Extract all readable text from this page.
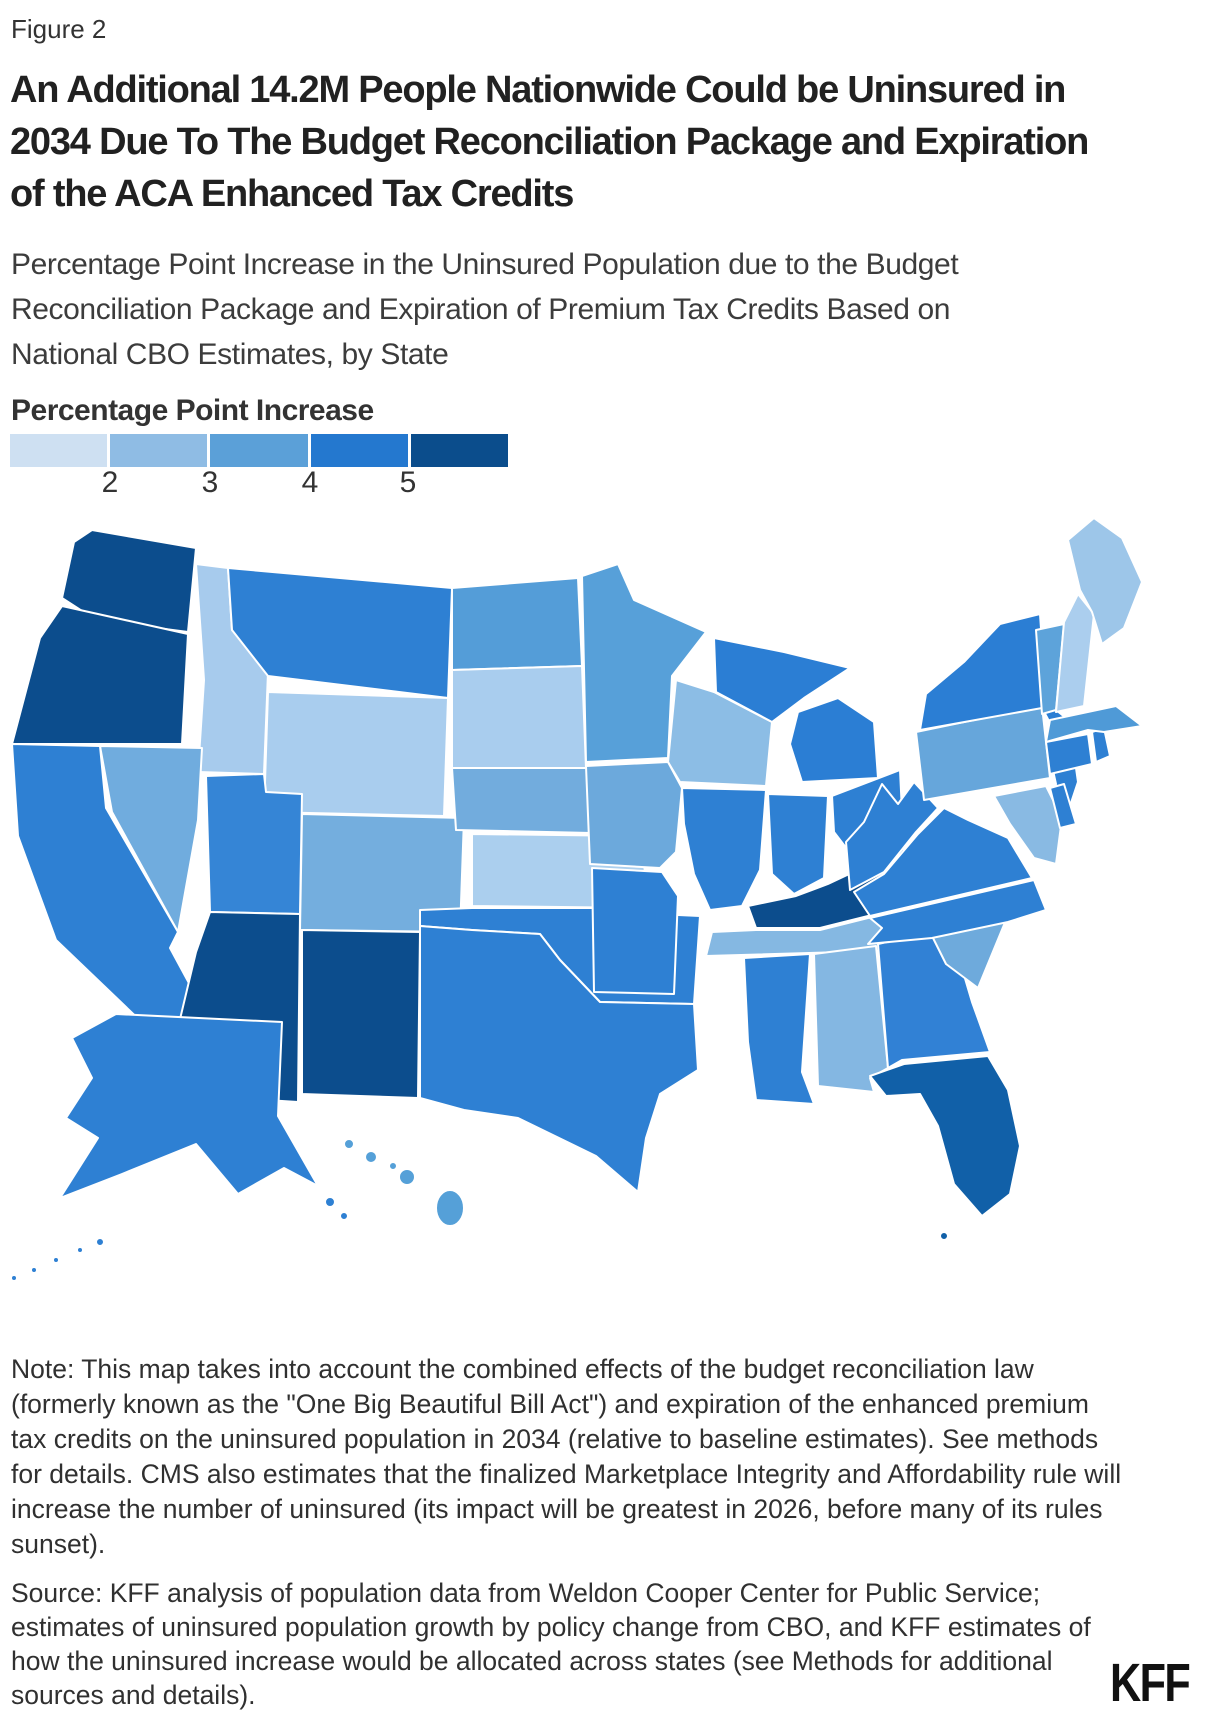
Figure 2
An Additional 14.2M People Nationwide Could be Uninsured in 2034 Due To The Budget Reconciliation Package and Expiration of the ACA Enhanced Tax Credits
Percentage Point Increase in the Uninsured Population due to the Budget Reconciliation Package and Expiration of Premium Tax Credits Based on National CBO Estimates, by State
Percentage Point Increase
2	3	4	5
Note: This map takes into account the combined effects of the budget reconciliation law (formerly known as the "One Big Beautiful Bill Act") and expiration of the enhanced premium tax credits on the uninsured population in 2034 (relative to baseline estimates). See methods for details. CMS also estimates that the finalized Marketplace Integrity and Affordability rule will increase the number of uninsured (its impact will be greatest in 2026, before many of its rules sunset).
Source: KFF analysis of population data from Weldon Cooper Center for Public Service; estimates of uninsured population growth by policy change from CBO, and KFF estimates of how the uninsured increase would be allocated across states (see Methods for additional sources and details).	KFF
